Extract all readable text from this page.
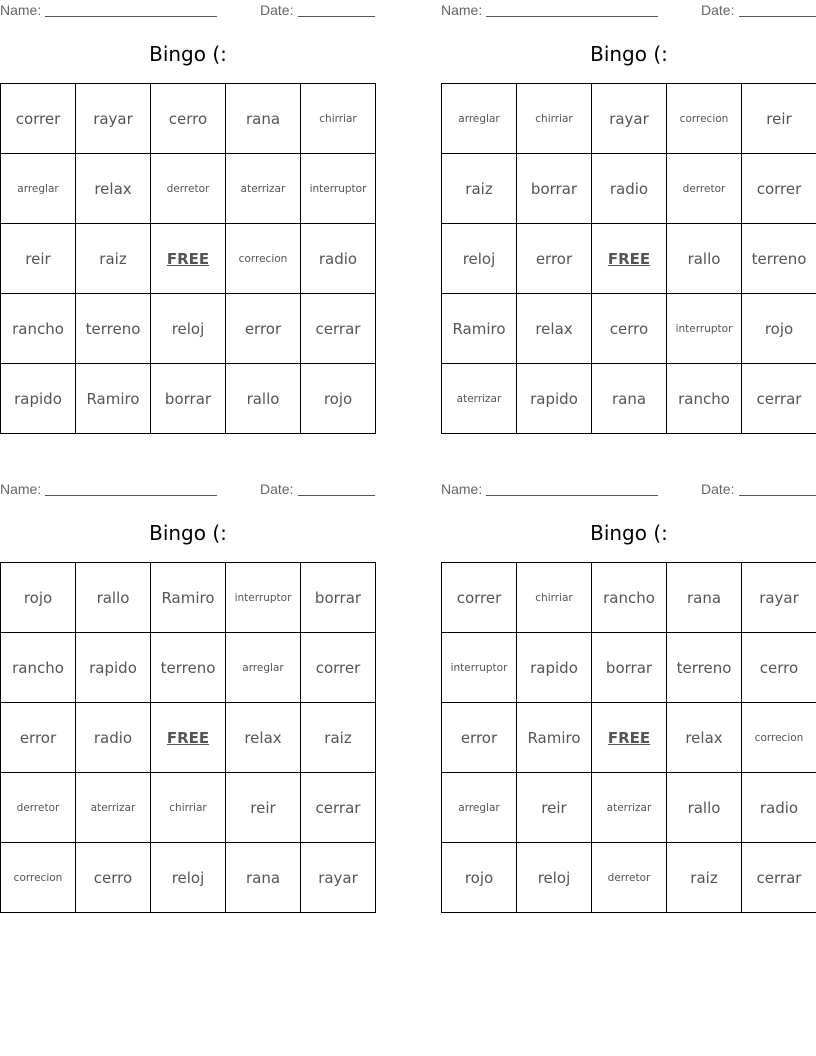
Name:	Date:
Bingo (:
correr	rayar	cerro	rana	chirriar
arreglar	relax	derretor	aterrizar	interruptor
reir	raiz	FREE	correcion	radio
rancho	terreno	reloj	error	cerrar
rapido	Ramiro	borrar	rallo	rojo
Name:	Date:
Bingo (:
arreglar	chirriar	rayar	correcion	reir
raiz	borrar	radio	derretor	correr
reloj	error	FREE	rallo	terreno
Ramiro	relax	cerro	interruptor	rojo
aterrizar	rapido	rana	rancho	cerrar
Name:	Date:
Bingo (:
rojo	rallo	Ramiro	interruptor	borrar
rancho	rapido	terreno	arreglar	correr
error	radio	FREE	relax	raiz
derretor	aterrizar	chirriar	reir	cerrar
correcion	cerro	reloj	rana	rayar
Name:	Date:
Bingo (:
correr	chirriar	rancho	rana	rayar
interruptor	rapido	borrar	terreno	cerro
error	Ramiro	FREE	relax	correcion
arreglar	reir	aterrizar	rallo	radio
rojo	reloj	derretor	raiz	cerrar
